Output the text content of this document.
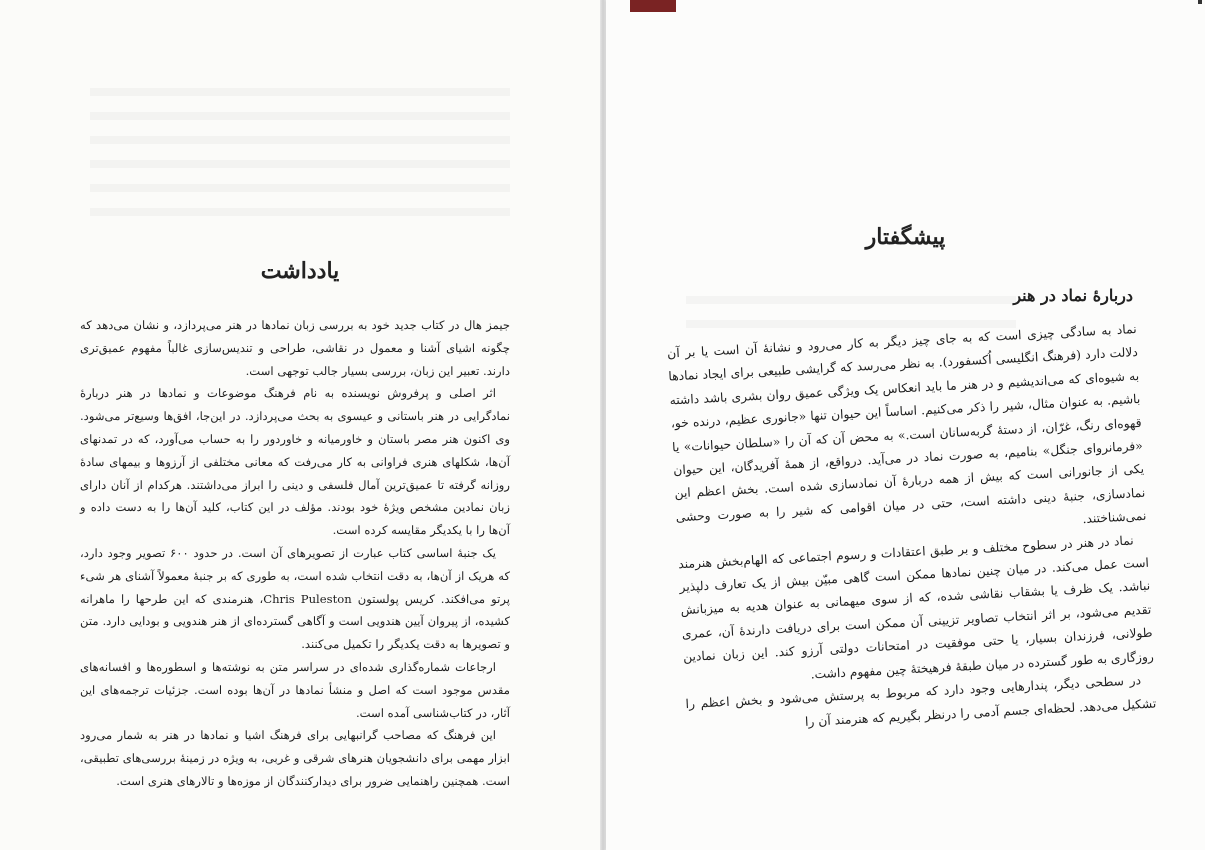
یادداشت

جیمز هال در کتاب جدید خود به بررسی زبان نمادها در هنر می‌پردازد، و نشان می‌دهد که چگونه اشیای آشنا و معمول در نقاشی، طراحی و تندیس‌سازی غالباً مفهوم عمیق‌تری دارند. تعبیر این زبان، بررسی بسیار جالب توجهی است.

اثر اصلی و پرفروش نویسنده به نام فرهنگ موضوعات و نمادها در هنر دربارهٔ نمادگرایی در هنر باستانی و عیسوی به بحث می‌پردازد. در این‌جا، افق‌ها وسیع‌تر می‌شود. وی اکنون هنر مصر باستان و خاورمیانه و خاوردور را به حساب می‌آورد، که در تمدنهای آن‌ها، شکلهای هنری فراوانی به کار می‌رفت که معانی مختلفی از آرزوها و بیمهای سادهٔ روزانه گرفته تا عمیق‌ترین آمال فلسفی و دینی را ابراز می‌داشتند. هرکدام از آنان دارای زبان نمادین مشخص ویژهٔ خود بودند. مؤلف در این کتاب، کلید آن‌ها را به دست داده و آن‌ها را با یکدیگر مقایسه کرده است.

یک جنبهٔ اساسی کتاب عبارت از تصویرهای آن است. در حدود ۶۰۰ تصویر وجود دارد، که هریک از آن‌ها، به دقت انتخاب شده است، به طوری که بر جنبهٔ معمولاً آشنای هر شیء پرتو می‌افکند. کریس پولستون Chris Puleston، هنرمندی که این طرحها را ماهرانه کشیده، از پیروان آیین هندویی است و آگاهی گسترده‌ای از هنر هندویی و بودایی دارد. متن و تصویرها به دقت یکدیگر را تکمیل می‌کنند.

ارجاعات شماره‌گذاری شده‌ای در سراسر متن به نوشته‌ها و اسطوره‌ها و افسانه‌های مقدس موجود است که اصل و منشأ نمادها در آن‌ها بوده است. جزئیات ترجمه‌های این آثار، در کتاب‌شناسی آمده است.

این فرهنگ که مصاحب گرانبهایی برای فرهنگ اشیا و نمادها در هنر به شمار می‌رود ابزار مهمی برای دانشجویان هنرهای شرقی و غربی، به ویژه در زمینهٔ بررسی‌های تطبیقی، است. همچنین راهنمایی ضرور برای دیدارکنندگان از موزه‌ها و تالارهای هنری است.

پیشگفتار
دربارهٔ نماد در هنر

نماد به سادگی چیزی است که به جای چیز دیگر به کار می‌رود و نشانهٔ آن است یا بر آن دلالت دارد (فرهنگ انگلیسی اُکسفورد). به نظر می‌رسد که گرایشی طبیعی برای ایجاد نمادها به شیوه‌ای که می‌اندیشیم و در هنر ما باید انعکاس یک ویژگی عمیق روان بشری باشد داشته باشیم. به عنوان مثال، شیر را ذکر می‌کنیم. اساساً این حیوان تنها «جانوری عظیم، درنده خو، قهوه‌ای رنگ، غرّان، از دستهٔ گربه‌سانان است.» به محض آن که آن را «سلطان حیوانات» یا «فرمانروای جنگل» بنامیم، به صورت نماد در می‌آید. درواقع، از همهٔ آفریدگان، این حیوان یکی از جانورانی است که بیش از همه دربارهٔ آن نمادسازی شده است. بخش اعظم این نمادسازی، جنبهٔ دینی داشته است، حتی در میان اقوامی که شیر را به صورت وحشی نمی‌شناختند.

نماد در هنر در سطوح مختلف و بر طبق اعتقادات و رسوم اجتماعی که الهام‌بخش هنرمند است عمل می‌کند. در میان چنین نمادها ممکن است گاهی مبیّن بیش از یک تعارف دلپذیر نباشد. یک ظرف یا بشقاب نقاشی شده، که از سوی میهمانی به عنوان هدیه به میزبانش تقدیم می‌شود، بر اثر انتخاب تصاویر تزیینی آن ممکن است برای دریافت دارندهٔ آن، عمری طولانی، فرزندان بسیار، یا حتی موفقیت در امتحانات دولتی آرزو کند. این زبان نمادین روزگاری به طور گسترده در میان طبقهٔ فرهیختهٔ چین مفهوم داشت.

در سطحی دیگر، پندارهایی وجود دارد که مربوط به پرستش می‌شود و بخش اعظم را تشکیل می‌دهد. لحظه‌ای جسم آدمی را درنظر بگیریم که هنرمند آن را
